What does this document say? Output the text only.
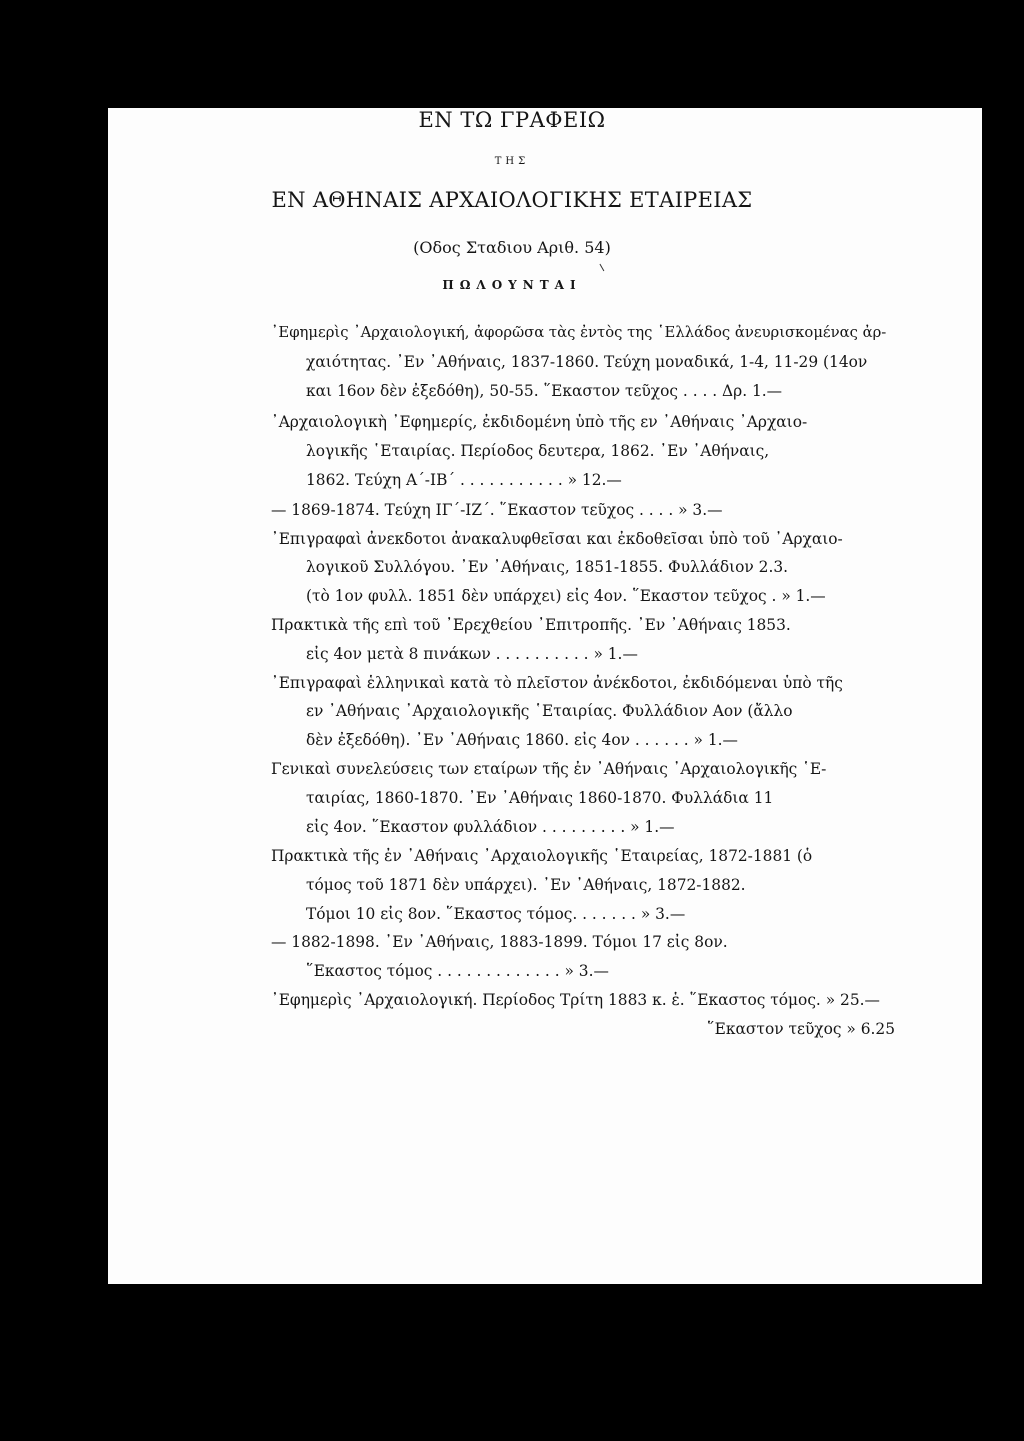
ΕΝ ΤΩ ΓΡΑΦΕΙΩ
ΤΗΣ
ΕΝ ΑΘΗΝΑΙΣ ΑΡΧΑΙΟΛΟΓΙΚΗΣ ΕΤΑΙΡΕΙΑΣ
(Οδος Σταδιου Αριθ. 54)
ΠΩΛΟΥΝΤΑΙ
᾿Εφημερὶς ᾿Αρχαιολογική, ἀφορῶσα τὰς ἐντὸς της ῾Ελλάδος ἀνευρισκομένας ἀρ-
χαιότητας. ᾿Εν ᾿Αθήναις, 1837-1860. Τεύχη μοναδικά, 1-4, 11-29 (14ον
και 16ον δὲν ἐξεδόθη), 50-55. ῞Εκαστον τεῦχος . . . . Δρ. 1.—
᾿Αρχαιολογικὴ ᾿Εφημερίς, ἐκδιδομένη ὑπὸ τῆς εν ᾿Αθήναις ᾿Αρχαιο-
λογικῆς ῾Εταιρίας. Περίοδος δευτερα, 1862. ᾿Εν ᾿Αθήναις,
1862. Τεύχη Α΄-ΙΒ΄ . . . . . . . . . . . » 12.—
— 1869-1874. Τεύχη ΙΓ΄-ΙΖ΄. ῞Εκαστον τεῦχος . . . . » 3.—
᾿Επιγραφαὶ ἀνεκδοτοι ἀνακαλυφθεῖσαι και ἐκδοθεῖσαι ὑπὸ τοῦ ᾿Αρχαιο-
λογικοῦ Συλλόγου. ᾿Εν ᾿Αθήναις, 1851-1855. Φυλλάδιον 2.3.
(τὸ 1ον φυλλ. 1851 δὲν υπάρχει) εἰς 4ον. ῞Εκαστον τεῦχος . » 1.—
Πρακτικὰ τῆς επὶ τοῦ ᾿Ερεχθείου ᾿Επιτροπῆς. ᾿Εν ᾿Αθήναις 1853.
εἰς 4ον μετὰ 8 πινάκων . . . . . . . . . . » 1.—
᾿Επιγραφαὶ ἑλληνικαὶ κατὰ τὸ πλεῖστον ἀνέκδοτοι, ἐκδιδόμεναι ὑπὸ τῆς
εν ᾿Αθήναις ᾿Αρχαιολογικῆς ῾Εταιρίας. Φυλλάδιον Αον (ἄλλο
δὲν ἐξεδόθη). ᾿Εν ᾿Αθήναις 1860. εἰς 4ον . . . . . . » 1.—
Γενικαὶ συνελεύσεις των εταίρων τῆς ἐν ᾿Αθήναις ᾿Αρχαιολογικῆς ῾Ε-
ταιρίας, 1860-1870. ᾿Εν ᾿Αθήναις 1860-1870. Φυλλάδια 11
εἰς 4ον. ῞Εκαστον φυλλάδιον . . . . . . . . . » 1.—
Πρακτικὰ τῆς ἐν ᾿Αθήναις ᾿Αρχαιολογικῆς ῾Εταιρείας, 1872-1881 (ὁ
τόμος τοῦ 1871 δὲν υπάρχει). ᾿Εν ᾿Αθήναις, 1872-1882.
Τόμοι 10 εἰς 8ον. ῞Εκαστος τόμος. . . . . . . » 3.—
— 1882-1898. ᾿Εν ᾿Αθήναις, 1883-1899. Τόμοι 17 εἰς 8ον.
῞Εκαστος τόμος . . . . . . . . . . . . . » 3.—
᾿Εφημερὶς ᾿Αρχαιολογική. Περίοδος Τρίτη 1883 κ. ἑ. ῞Εκαστος τόμος. » 25.—
῞Εκαστον τεῦχος » 6.25
